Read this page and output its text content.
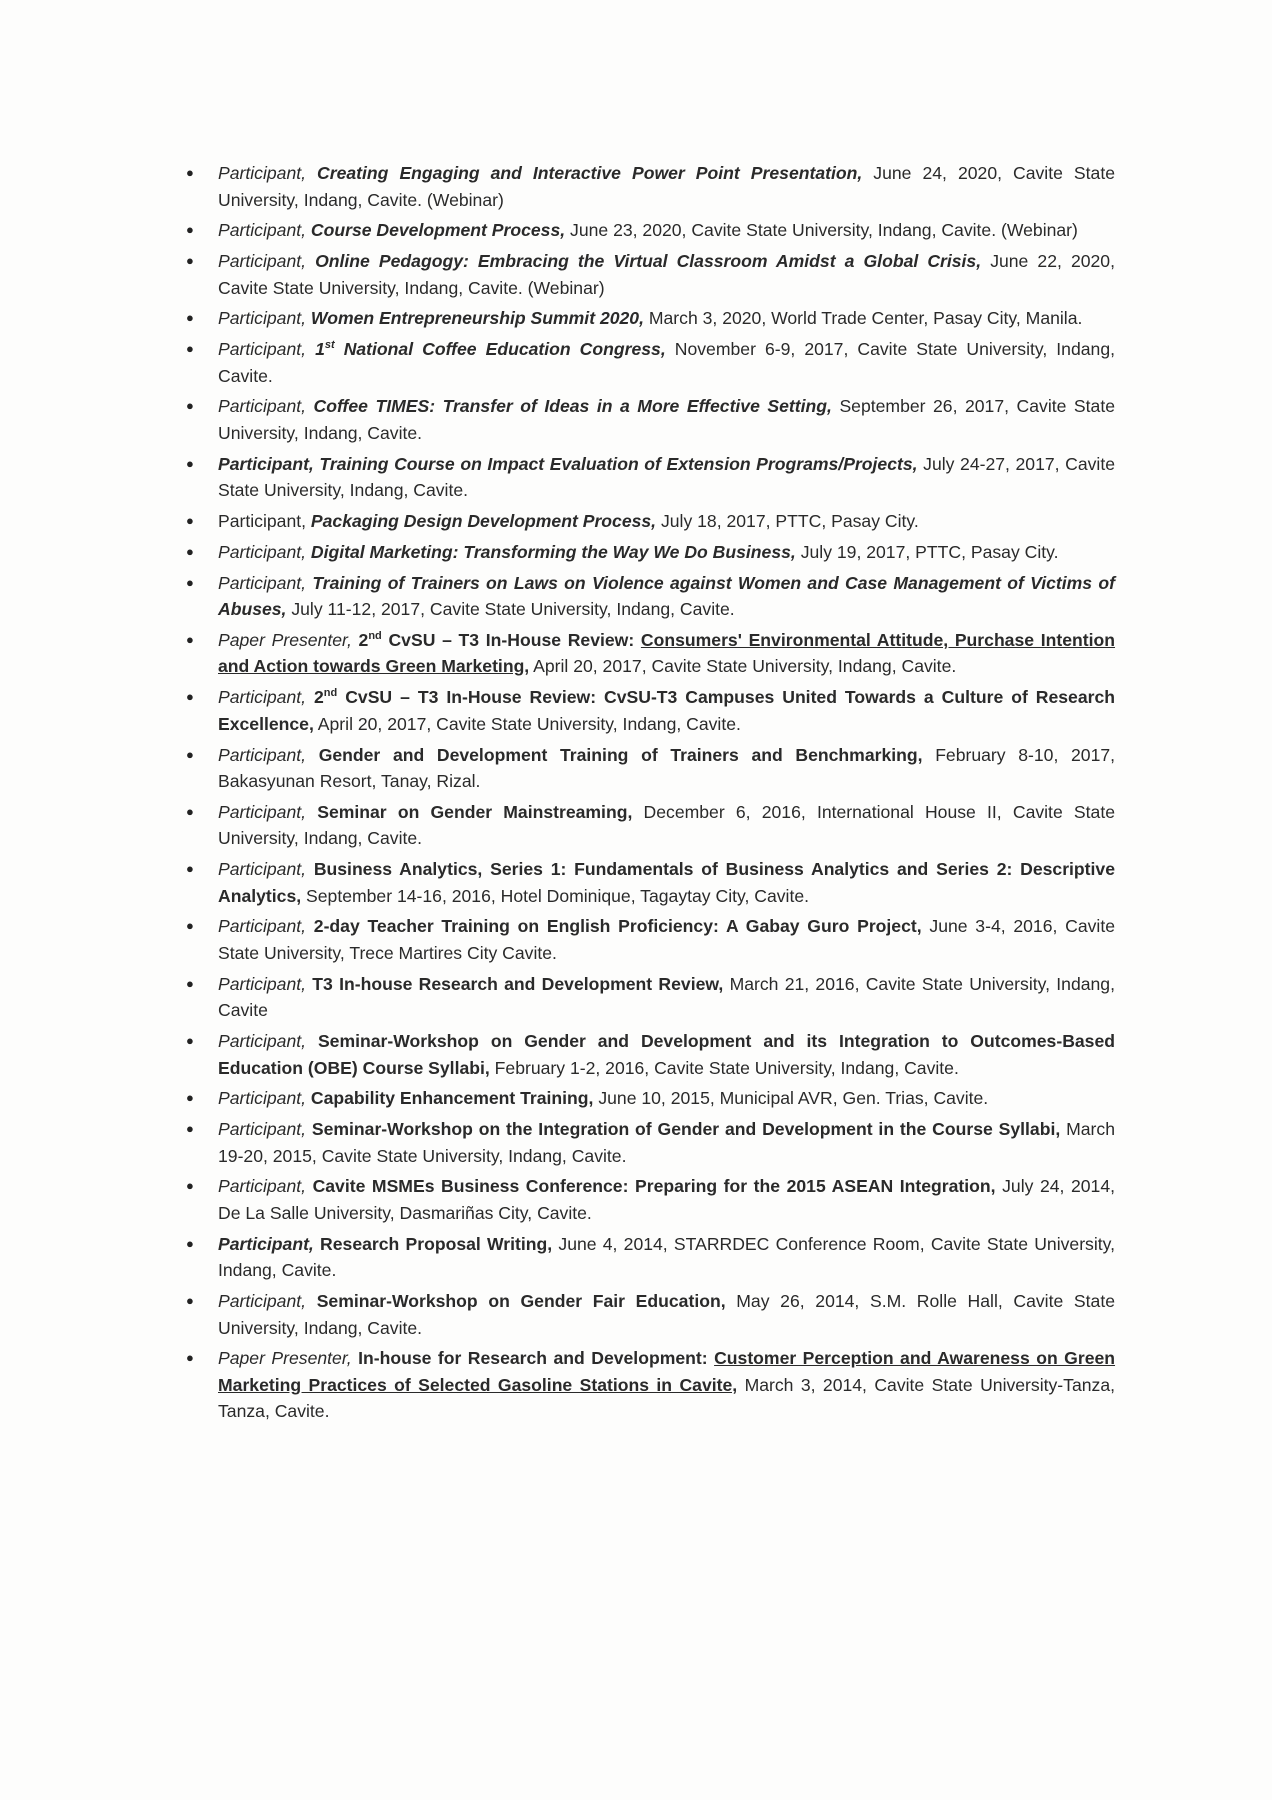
● Participant, Creating Engaging and Interactive Power Point Presentation, June 24, 2020, Cavite State University, Indang, Cavite. (Webinar)
● Participant, Course Development Process, June 23, 2020, Cavite State University, Indang, Cavite. (Webinar)
● Participant, Online Pedagogy: Embracing the Virtual Classroom Amidst a Global Crisis, June 22, 2020, Cavite State University, Indang, Cavite. (Webinar)
● Participant, Women Entrepreneurship Summit 2020, March 3, 2020, World Trade Center, Pasay City, Manila.
● Participant, 1st National Coffee Education Congress, November 6-9, 2017, Cavite State University, Indang, Cavite.
● Participant, Coffee TIMES: Transfer of Ideas in a More Effective Setting, September 26, 2017, Cavite State University, Indang, Cavite.
● Participant, Training Course on Impact Evaluation of Extension Programs/Projects, July 24-27, 2017, Cavite State University, Indang, Cavite.
● Participant, Packaging Design Development Process, July 18, 2017, PTTC, Pasay City.
● Participant, Digital Marketing: Transforming the Way We Do Business, July 19, 2017, PTTC, Pasay City.
● Participant, Training of Trainers on Laws on Violence against Women and Case Management of Victims of Abuses, July 11-12, 2017, Cavite State University, Indang, Cavite.
● Paper Presenter, 2nd CvSU – T3 In-House Review: Consumers' Environmental Attitude, Purchase Intention and Action towards Green Marketing, April 20, 2017, Cavite State University, Indang, Cavite.
● Participant, 2nd CvSU – T3 In-House Review: CvSU-T3 Campuses United Towards a Culture of Research Excellence, April 20, 2017, Cavite State University, Indang, Cavite.
● Participant, Gender and Development Training of Trainers and Benchmarking, February 8-10, 2017, Bakasyunan Resort, Tanay, Rizal.
● Participant, Seminar on Gender Mainstreaming, December 6, 2016, International House II, Cavite State University, Indang, Cavite.
● Participant, Business Analytics, Series 1: Fundamentals of Business Analytics and Series 2: Descriptive Analytics, September 14-16, 2016, Hotel Dominique, Tagaytay City, Cavite.
● Participant, 2-day Teacher Training on English Proficiency: A Gabay Guro Project, June 3-4, 2016, Cavite State University, Trece Martires City Cavite.
● Participant, T3 In-house Research and Development Review, March 21, 2016, Cavite State University, Indang, Cavite
● Participant, Seminar-Workshop on Gender and Development and its Integration to Outcomes-Based Education (OBE) Course Syllabi, February 1-2, 2016, Cavite State University, Indang, Cavite.
● Participant, Capability Enhancement Training, June 10, 2015, Municipal AVR, Gen. Trias, Cavite.
● Participant, Seminar-Workshop on the Integration of Gender and Development in the Course Syllabi, March 19-20, 2015, Cavite State University, Indang, Cavite.
● Participant, Cavite MSMEs Business Conference: Preparing for the 2015 ASEAN Integration, July 24, 2014, De La Salle University, Dasmariñas City, Cavite.
● Participant, Research Proposal Writing, June 4, 2014, STARRDEC Conference Room, Cavite State University, Indang, Cavite.
● Participant, Seminar-Workshop on Gender Fair Education, May 26, 2014, S.M. Rolle Hall, Cavite State University, Indang, Cavite.
● Paper Presenter, In-house for Research and Development: Customer Perception and Awareness on Green Marketing Practices of Selected Gasoline Stations in Cavite, March 3, 2014, Cavite State University-Tanza, Tanza, Cavite.
